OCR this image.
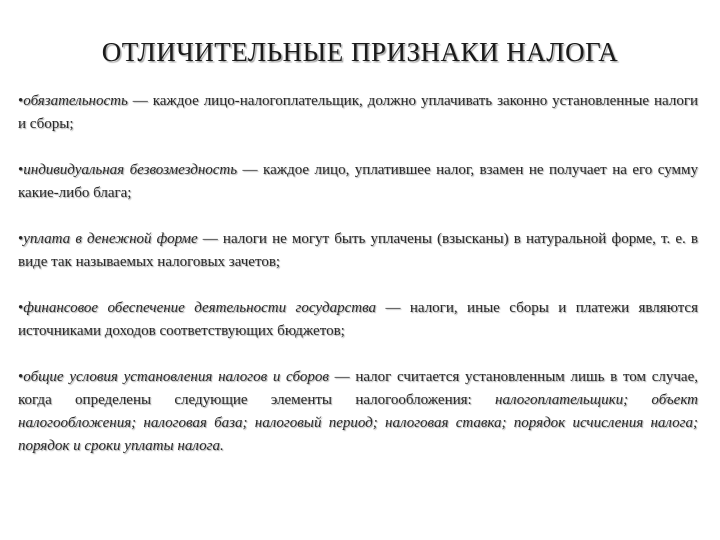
ОТЛИЧИТЕЛЬНЫЕ ПРИЗНАКИ НАЛОГА

•обязательность — каждое лицо-налогоплательщик, должно уплачивать законно установленные налоги и сборы;

•индивидуальная безвозмездность — каждое лицо, уплатившее налог, взамен не получает на его сумму какие-либо блага;

•уплата в денежной форме — налоги не могут быть уплачены (взысканы) в натуральной форме, т. е. в виде так называемых налоговых зачетов;

•финансовое обеспечение деятельности государства — налоги, иные сборы и платежи являются источниками доходов соответствующих бюджетов;

•общие условия установления налогов и сборов — налог считается установленным лишь в том случае, когда определены следующие элементы налогообложения: налогоплательщики; объект налогообложения; налоговая база; налоговый период; налоговая ставка; порядок исчисления налога; порядок и сроки уплаты налога.
